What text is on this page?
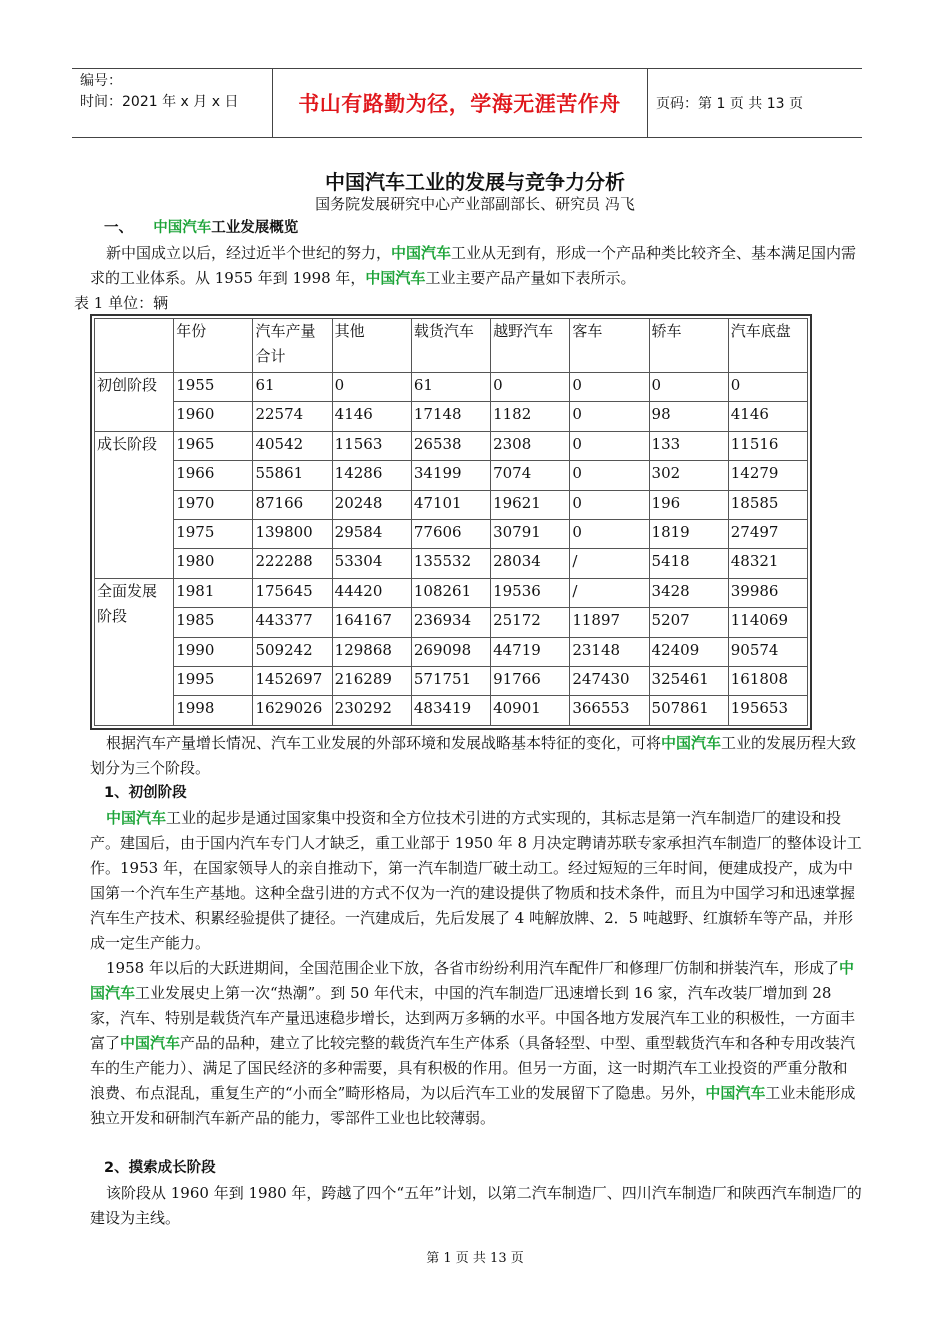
编号：
时间：2021 年 x 月 x 日	书山有路勤为径，学海无涯苦作舟	页码：第 1 页 共 13 页
中国汽车工业的发展与竞争力分析
国务院发展研究中心产业部副部长、研究员 冯飞
一、 中国汽车工业发展概览
新中国成立以后，经过近半个世纪的努力，中国汽车工业从无到有，形成一个产品种类比较齐全、基本满足国内需求的工业体系。从 1955 年到 1998 年，中国汽车工业主要产品产量如下表所示。
表 1 单位：辆
	年份	汽车产量合计	其他	载货汽车	越野汽车	客车	轿车	汽车底盘
初创阶段	1955	61	0	61	0	0	0	0
	1960	22574	4146	17148	1182	0	98	4146
成长阶段	1965	40542	11563	26538	2308	0	133	11516
	1966	55861	14286	34199	7074	0	302	14279
	1970	87166	20248	47101	19621	0	196	18585
	1975	139800	29584	77606	30791	0	1819	27497
	1980	222288	53304	135532	28034	/	5418	48321
全面发展阶段	1981	175645	44420	108261	19536	/	3428	39986
	1985	443377	164167	236934	25172	11897	5207	114069
	1990	509242	129868	269098	44719	23148	42409	90574
	1995	1452697	216289	571751	91766	247430	325461	161808
	1998	1629026	230292	483419	40901	366553	507861	195653
根据汽车产量增长情况、汽车工业发展的外部环境和发展战略基本特征的变化，可将中国汽车工业的发展历程大致划分为三个阶段。
1、初创阶段
中国汽车工业的起步是通过国家集中投资和全方位技术引进的方式实现的，其标志是第一汽车制造厂的建设和投产。建国后，由于国内汽车专门人才缺乏，重工业部于 1950 年 8 月决定聘请苏联专家承担汽车制造厂的整体设计工作。1953 年，在国家领导人的亲自推动下，第一汽车制造厂破土动工。经过短短的三年时间，便建成投产，成为中国第一个汽车生产基地。这种全盘引进的方式不仅为一汽的建设提供了物质和技术条件，而且为中国学习和迅速掌握汽车生产技术、积累经验提供了捷径。一汽建成后，先后发展了 4 吨解放牌、2．5 吨越野、红旗轿车等产品，并形成一定生产能力。
1958 年以后的大跃进期间，全国范围企业下放，各省市纷纷利用汽车配件厂和修理厂仿制和拼装汽车，形成了中国汽车工业发展史上第一次“热潮”。到 50 年代末，中国的汽车制造厂迅速增长到 16 家，汽车改装厂增加到 28 家，汽车、特别是载货汽车产量迅速稳步增长，达到两万多辆的水平。中国各地方发展汽车工业的积极性，一方面丰富了中国汽车产品的品种，建立了比较完整的载货汽车生产体系（具备轻型、中型、重型载货汽车和各种专用改装汽车的生产能力）、满足了国民经济的多种需要，具有积极的作用。但另一方面，这一时期汽车工业投资的严重分散和浪费、布点混乱，重复生产的“小而全”畸形格局，为以后汽车工业的发展留下了隐患。另外，中国汽车工业未能形成独立开发和研制汽车新产品的能力，零部件工业也比较薄弱。
2、摸索成长阶段
该阶段从 1960 年到 1980 年，跨越了四个“五年”计划，以第二汽车制造厂、四川汽车制造厂和陕西汽车制造厂的建设为主线。
第 1 页 共 13 页
